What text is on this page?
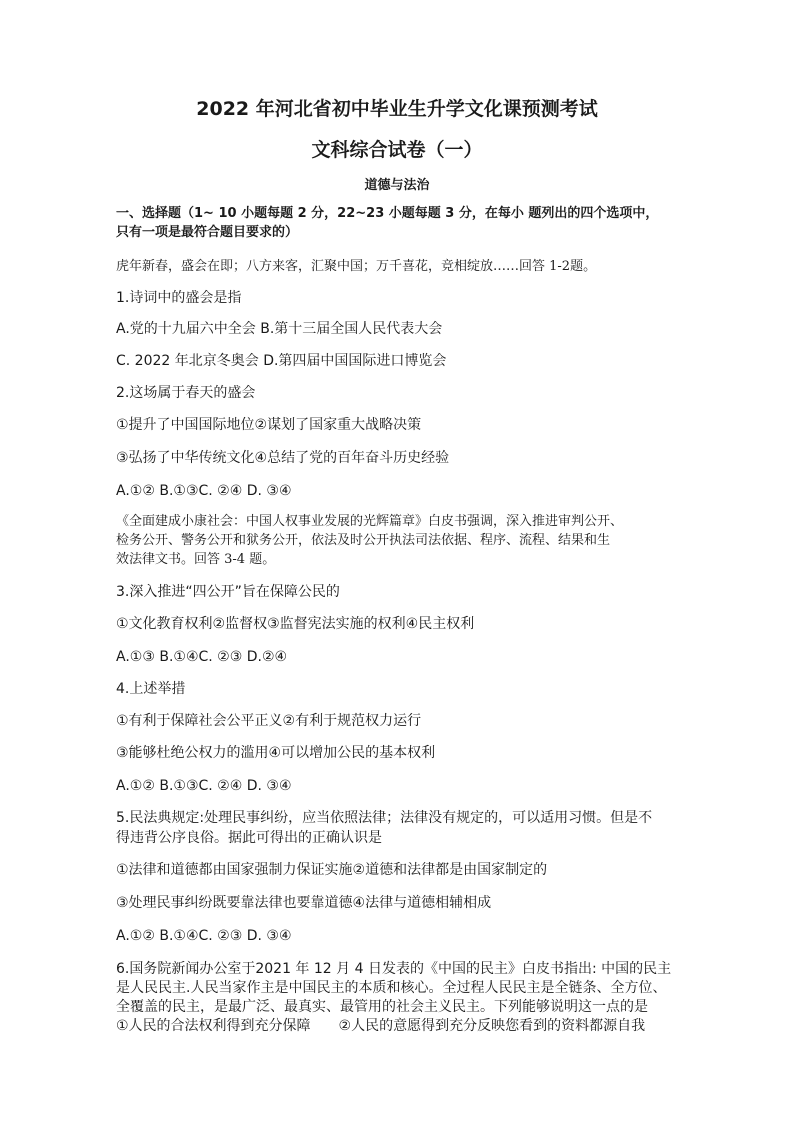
2022 年河北省初中毕业生升学文化课预测考试
文科综合试卷（一）
道德与法治
一、选择题（1~ 10 小题每题 2 分，22~23 小题每题 3 分，在每小 题列出的四个选项中，
只有一项是最符合题目要求的）
虎年新春，盛会在即；八方来客，汇聚中国；万千喜花，竞相绽放……回答 1-2题。
1.诗词中的盛会是指
A.党的十九届六中全会 B.第十三届全国人民代表大会
C. 2022 年北京冬奥会 D.第四届中国国际进口博览会
2.这场属于春天的盛会
①提升了中国国际地位②谋划了国家重大战略决策
③弘扬了中华传统文化④总结了党的百年奋斗历史经验
A.①② B.①③C. ②④ D. ③④
《全面建成小康社会：中国人权事业发展的光辉篇章》白皮书强调，深入推进审判公开、
检务公开、警务公开和狱务公开，依法及时公开执法司法依据、程序、流程、结果和生
效法律文书。回答 3-4 题。
3.深入推进“四公开”旨在保障公民的
①文化教育权利②监督权③监督宪法实施的权利④民主权利
A.①③ B.①④C. ②③ D.②④
4.上述举措
①有利于保障社会公平正义②有利于规范权力运行
③能够杜绝公权力的滥用④可以增加公民的基本权利
A.①② B.①③C. ②④ D. ③④
5.民法典规定:处理民事纠纷，应当依照法律；法律没有规定的，可以适用习惯。但是不
得违背公序良俗。据此可得出的正确认识是
①法律和道德都由国家强制力保证实施②道德和法律都是由国家制定的
③处理民事纠纷既要靠法律也要靠道德④法律与道德相辅相成
A.①② B.①④C. ②③ D. ③④
6.国务院新闻办公室于2021 年 12 月 4 日发表的《中国的民主》白皮书指出: 中国的民主
是人民民主.人民当家作主是中国民主的本质和核心。全过程人民民主是全链条、全方位、
全覆盖的民主，是最广泛、最真实、最管用的社会主义民主。下列能够说明这一点的是
①人民的合法权利得到充分保障　　②人民的意愿得到充分反映您看到的资料都源自我
